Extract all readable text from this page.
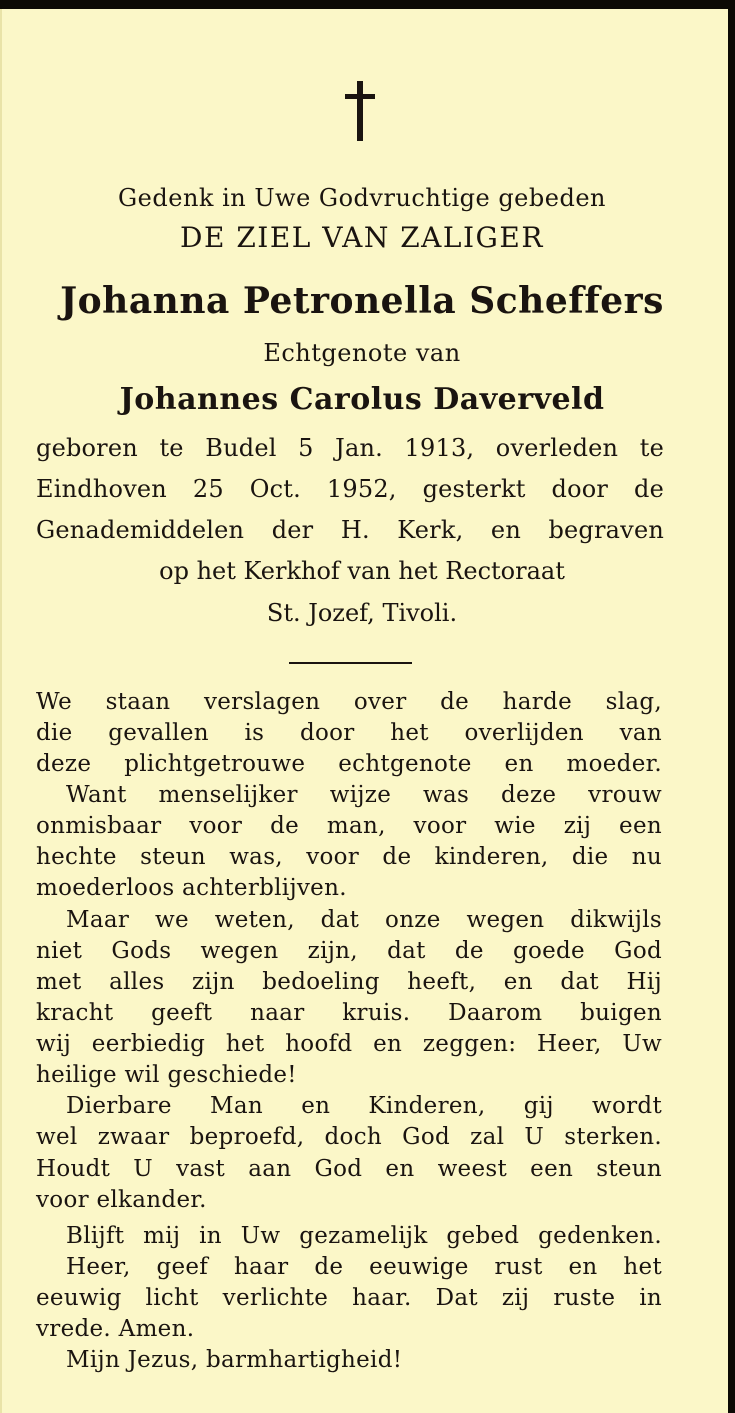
Gedenk in Uwe Godvruchtige gebeden
DE ZIEL VAN ZALIGER
Johanna Petronella Scheffers
Echtgenote van
Johannes Carolus Daverveld
geboren te Budel 5 Jan. 1913, overleden te
Eindhoven 25 Oct. 1952, gesterkt door de
Genademiddelen der H. Kerk, en begraven
op het Kerkhof van het Rectoraat
St. Jozef, Tivoli.
We staan verslagen over de harde slag,
die gevallen is door het overlijden van
deze plichtgetrouwe echtgenote en moeder.
Want menselijker wijze was deze vrouw
onmisbaar voor de man, voor wie zij een
hechte steun was, voor de kinderen, die nu
moederloos achterblijven.
Maar we weten, dat onze wegen dikwijls
niet Gods wegen zijn, dat de goede God
met alles zijn bedoeling heeft, en dat Hij
kracht geeft naar kruis. Daarom buigen
wij eerbiedig het hoofd en zeggen: Heer, Uw
heilige wil geschiede!
Dierbare Man en Kinderen, gij wordt
wel zwaar beproefd, doch God zal U sterken.
Houdt U vast aan God en weest een steun
voor elkander.
Blijft mij in Uw gezamelijk gebed gedenken.
Heer, geef haar de eeuwige rust en het
eeuwig licht verlichte haar. Dat zij ruste in
vrede. Amen.
Mijn Jezus, barmhartigheid!
